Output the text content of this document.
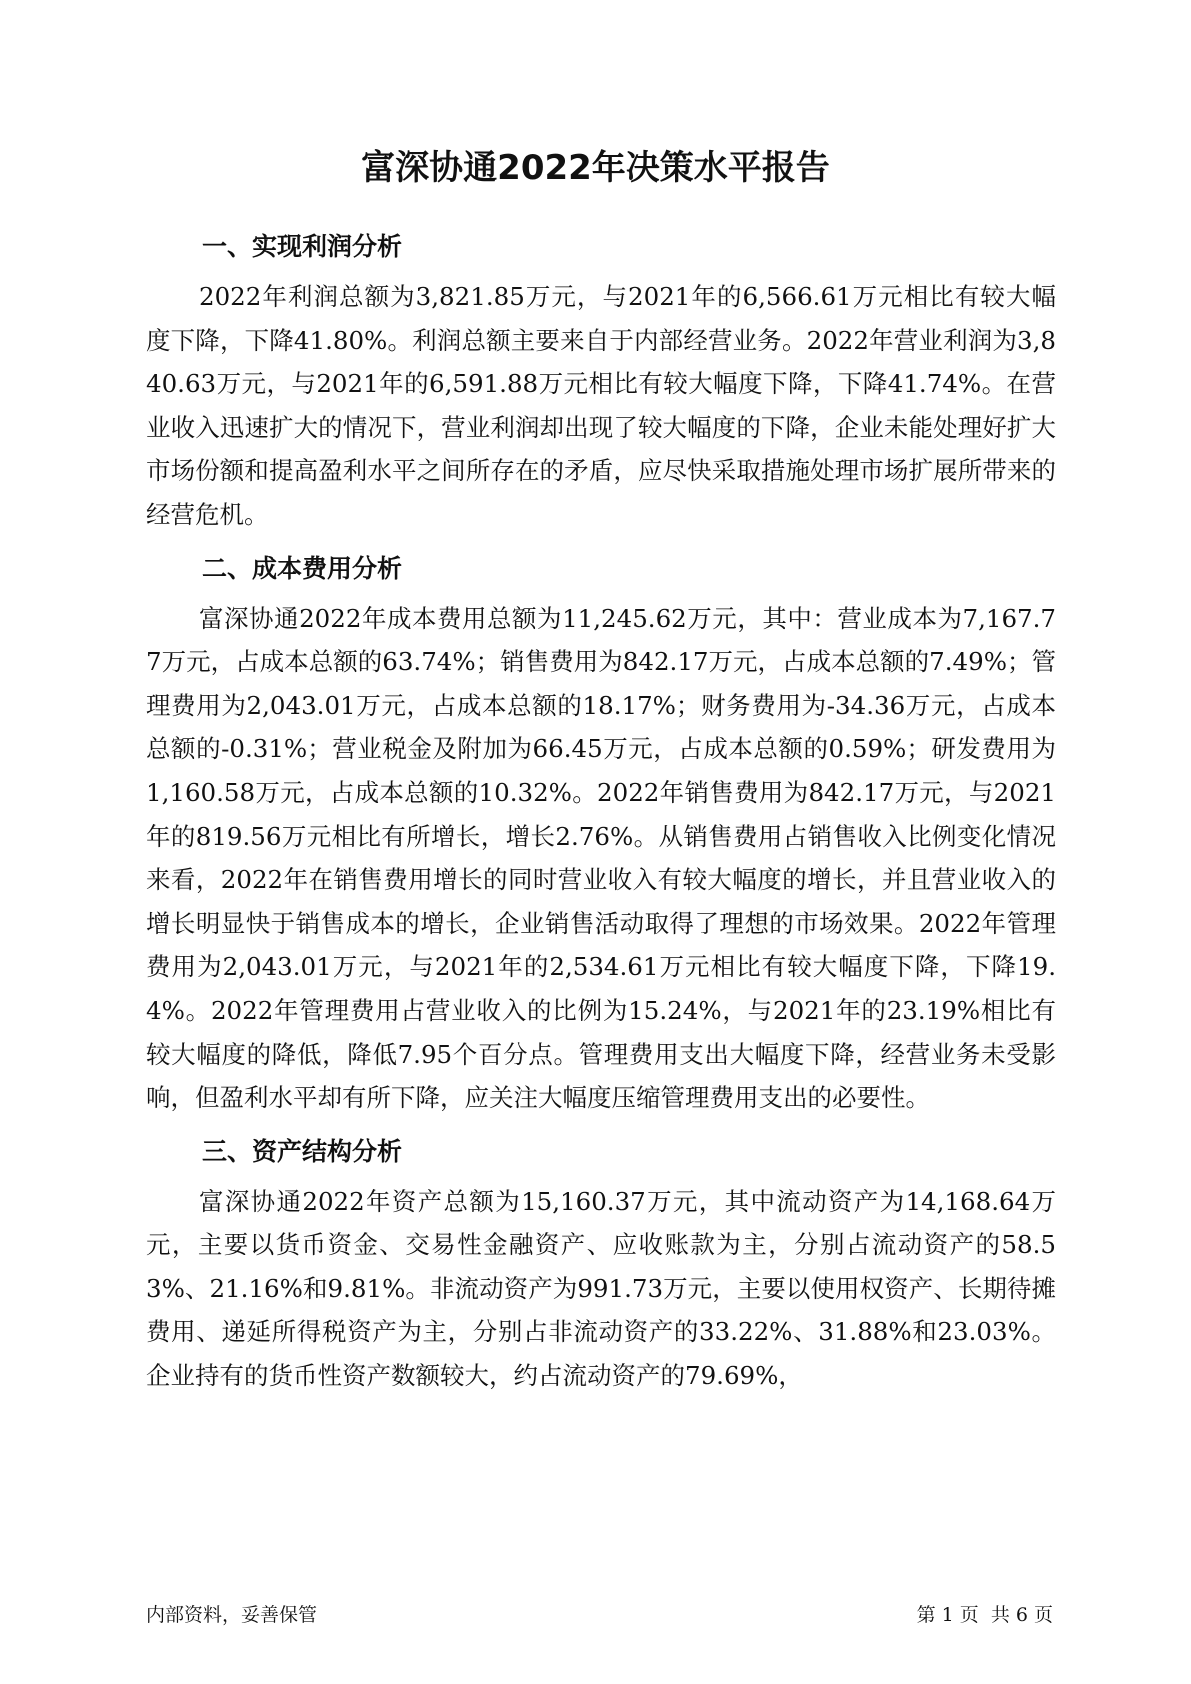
富深协通2022年决策水平报告
一、实现利润分析

2022年利润总额为3,821.85万元，与2021年的6,566.61万元相比有较大幅度下降，下降41.80%。利润总额主要来自于内部经营业务。2022年营业利润为3,840.63万元，与2021年的6,591.88万元相比有较大幅度下降，下降41.74%。在营业收入迅速扩大的情况下，营业利润却出现了较大幅度的下降，企业未能处理好扩大市场份额和提高盈利水平之间所存在的矛盾，应尽快采取措施处理市场扩展所带来的经营危机。

二、成本费用分析

富深协通2022年成本费用总额为11,245.62万元，其中：营业成本为7,167.77万元，占成本总额的63.74%；销售费用为842.17万元，占成本总额的7.49%；管理费用为2,043.01万元，占成本总额的18.17%；财务费用为-34.36万元，占成本总额的-0.31%；营业税金及附加为66.45万元，占成本总额的0.59%；研发费用为1,160.58万元，占成本总额的10.32%。2022年销售费用为842.17万元，与2021年的819.56万元相比有所增长，增长2.76%。从销售费用占销售收入比例变化情况来看，2022年在销售费用增长的同时营业收入有较大幅度的增长，并且营业收入的增长明显快于销售成本的增长，企业销售活动取得了理想的市场效果。2022年管理费用为2,043.01万元，与2021年的2,534.61万元相比有较大幅度下降，下降19.4%。2022年管理费用占营业收入的比例为15.24%，与2021年的23.19%相比有较大幅度的降低，降低7.95个百分点。管理费用支出大幅度下降，经营业务未受影响，但盈利水平却有所下降，应关注大幅度压缩管理费用支出的必要性。

三、资产结构分析

富深协通2022年资产总额为15,160.37万元，其中流动资产为14,168.64万元，主要以货币资金、交易性金融资产、应收账款为主，分别占流动资产的58.53%、21.16%和9.81%。非流动资产为991.73万元，主要以使用权资产、长期待摊费用、递延所得税资产为主，分别占非流动资产的33.22%、31.88%和23.03%。企业持有的货币性资产数额较大，约占流动资产的79.69%，

内部资料，妥善保管	第 1 页  共 6 页
